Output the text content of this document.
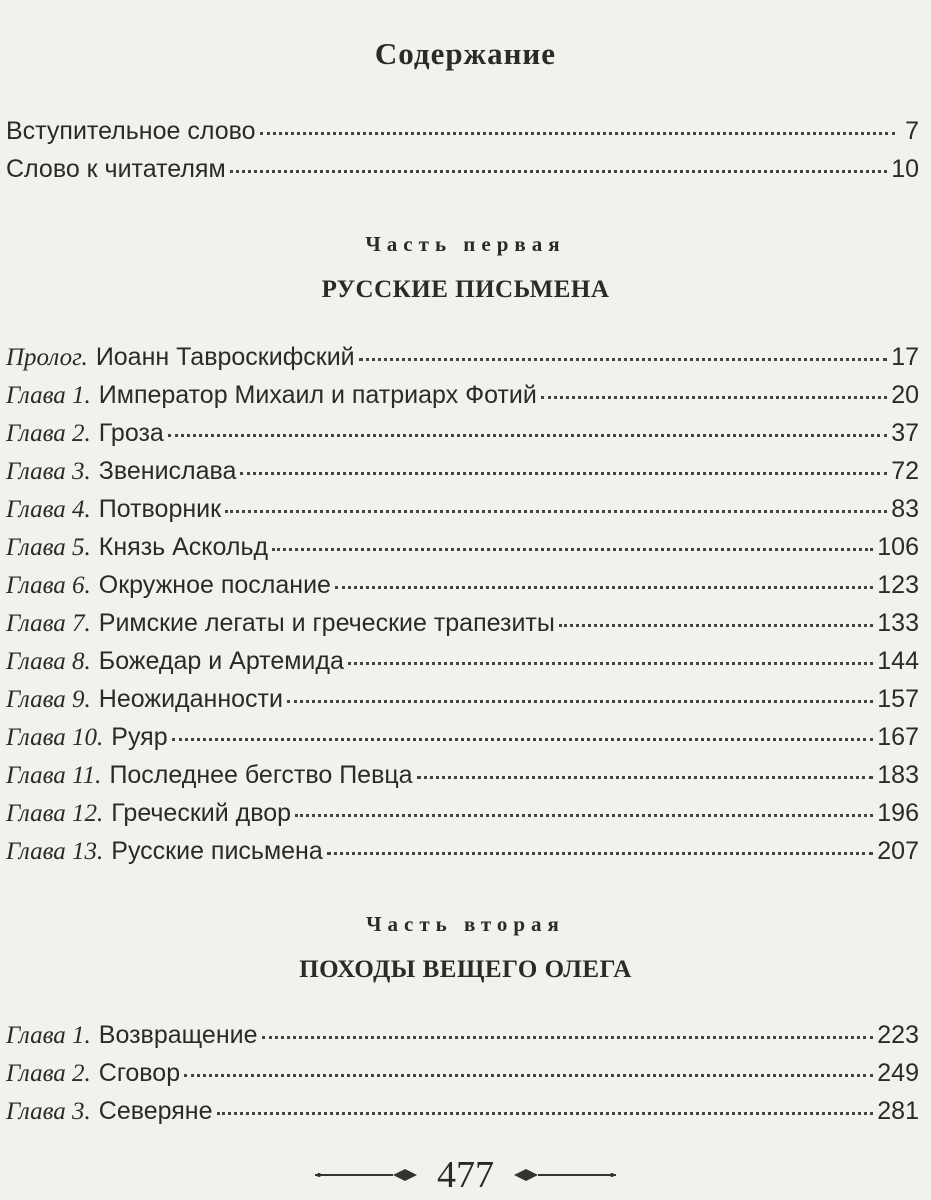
Содержание
Вступительное слово	7
Слово к читателям	10
Часть первая
РУССКИЕ ПИСЬМЕНА
Пролог. Иоанн Тавроскифский	17
Глава 1. Император Михаил и патриарх Фотий	20
Глава 2. Гроза	37
Глава 3. Звенислава	72
Глава 4. Потворник	83
Глава 5. Князь Аскольд	106
Глава 6. Окружное послание	123
Глава 7. Римские легаты и греческие трапезиты	133
Глава 8. Божедар и Артемида	144
Глава 9. Неожиданности	157
Глава 10. Руяр	167
Глава 11. Последнее бегство Певца	183
Глава 12. Греческий двор	196
Глава 13. Русские письмена	207
Часть вторая
ПОХОДЫ ВЕЩЕГО ОЛЕГА
Глава 1. Возвращение	223
Глава 2. Сговор	249
Глава 3. Северяне	281
477
